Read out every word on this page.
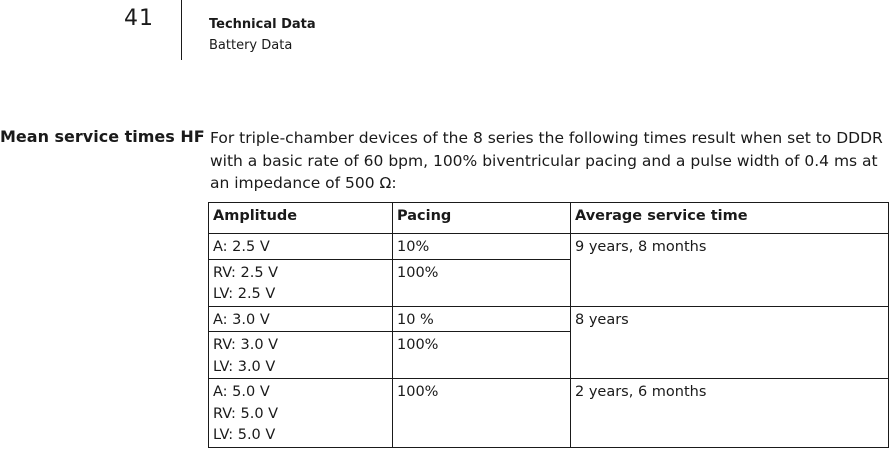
41	Technical Data
Battery Data
Mean service times HF For triple-chamber devices of the 8 series the following times result when set to DDDR with a basic rate of 60 bpm, 100% biventricular pacing and a pulse width of 0.4 ms at an impedance of 500 Ω:
Amplitude	Pacing	Average service time

A: 2.5 V	10%	9 years, 8 months

RV: 2.5 V
LV: 2.5 V	100%	

A: 3.0 V	10 %	8 years

RV: 3.0 V
LV: 3.0 V	100%	

A: 5.0 V
RV: 5.0 V
LV: 5.0 V	100%	2 years, 6 months
